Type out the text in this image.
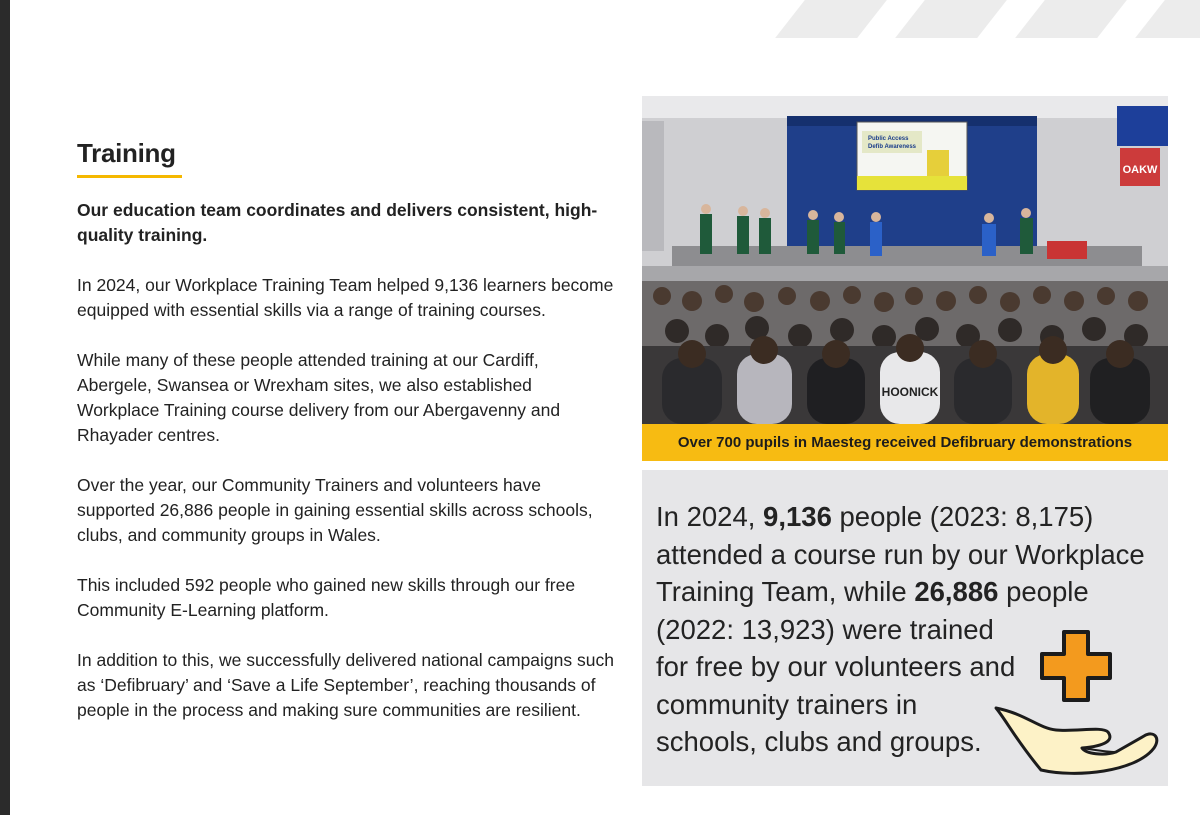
Training

Our education team coordinates and delivers consistent, high-quality training.

In 2024, our Workplace Training Team helped 9,136 learners become equipped with essential skills via a range of training courses.

While many of these people attended training at our Cardiff, Abergele, Swansea or Wrexham sites, we also established Workplace Training course delivery from our Abergavenny and Rhayader centres.

Over the year, our Community Trainers and volunteers have supported 26,886 people in gaining essential skills across schools, clubs, and community groups in Wales.

This included 592 people who gained new skills through our free Community E-Learning platform.

In addition to this, we successfully delivered national campaigns such as ‘Defibruary’ and ‘Save a Life September’, reaching thousands of people in the process and making sure communities are resilient.

OAKW
Public Access
Defib Awareness
HOONICK
Over 700 pupils in Maesteg received Defibruary demonstrations

In 2024, 9,136 people (2023: 8,175)
attended a course run by our Workplace
Training Team, while 26,886 people
(2022: 13,923) were trained
for free by our volunteers and
community trainers in
schools, clubs and groups.
